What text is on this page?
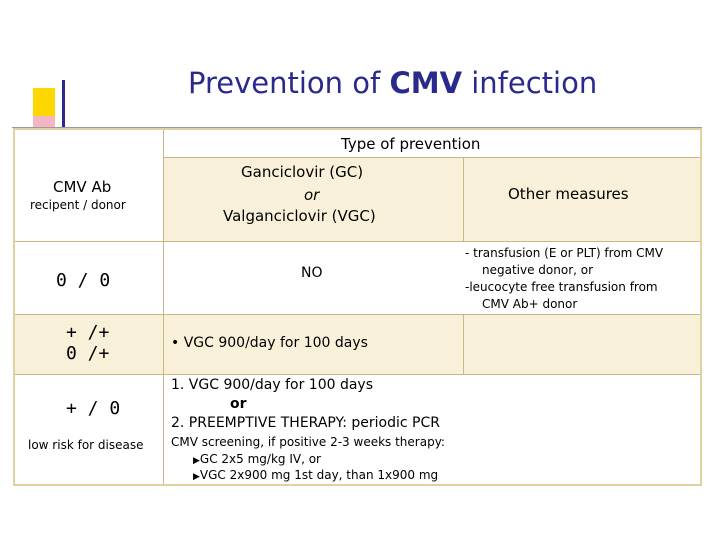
Prevention of CMV infection
Type of prevention
CMV Ab
recipent / donor
Ganciclovir (GC)
or
Valganciclovir (VGC)
Other measures
0 / 0	NO
- transfusion (E or PLT) from CMV
negative donor, or
-leucocyte free transfusion from
CMV Ab+ donor
+ /+
0 /+	• VGC 900/day for 100 days
+ / 0
low risk for disease
1. VGC 900/day for 100 days
or
2. PREEMPTIVE THERAPY: periodic PCR
CMV screening, if positive 2-3 weeks therapy:
▶GC 2x5 mg/kg IV, or
▶VGC 2x900 mg 1st day, than 1x900 mg
